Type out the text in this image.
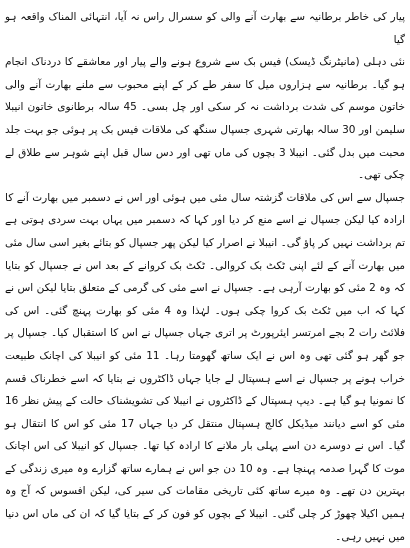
پیار کی خاطر برطانیہ سے بھارت آنے والی کو سسرال راس نہ آیا، انتہائی المناک واقعہ ہو گیا

نئی دہلی (مانیٹرنگ ڈیسک) فیس بک سے شروع ہونے والے پیار اور معاشقے کا دردناک انجام ہو گیا۔ برطانیہ سے ہزاروں میل کا سفر طے کر کے اپنے محبوب سے ملنے بھارت آنے والی خاتون موسم کی شدت برداشت نہ کر سکی اور چل بسی۔ 45 سالہ برطانوی خاتون انیبلا سلیمن اور 30 سالہ بھارتی شہری جسپال سنگھ کی ملاقات فیس بک پر ہوئی جو بہت جلد محبت میں بدل گئی۔ انیبلا 3 بچوں کی ماں تھی اور دس سال قبل اپنے شوہر سے طلاق لے چکی تھی۔

جسپال سے اس کی ملاقات گزشتہ سال مئی میں ہوئی اور اس نے دسمبر میں بھارت آنے کا ارادہ کیا لیکن جسپال نے اسے منع کر دیا اور کہا کہ دسمبر میں یہاں بہت سردی ہوتی ہے تم برداشت نہیں کر پاؤ گی۔ انیبلا نے اصرار کیا لیکن پھر جسپال کو بتائے بغیر اسی سال مئی میں بھارت آنے کے لئے اپنی ٹکٹ بک کروالی۔ ٹکٹ بک کروانے کے بعد اس نے جسپال کو بتایا کہ وہ 2 مئی کو بھارت آرہی ہے۔ جسپال نے اسے مئی کی گرمی کے متعلق بتایا لیکن اس نے کہا کہ اب میں ٹکٹ بک کروا چکی ہوں۔ لہٰذا وہ 4 مئی کو بھارت پہنچ گئی۔ اس کی فلائٹ رات 2 بجے امرتسر ایئرپورٹ پر اتری جہاں جسپال نے اس کا استقبال کیا۔ جسپال پر جو گھر ہو گئی تھی وہ اس نے ایک ساتھ گھومتا رہا۔ 11 مئی کو انیبلا کی اچانک طبیعت خراب ہونے پر جسپال نے اسے ہسپتال لے جایا جہاں ڈاکٹروں نے بتایا کہ اسے خطرناک قسم کا نمونیا ہو گیا ہے۔ دیپ ہسپتال کے ڈاکٹروں نے انیبلا کی تشویشناک حالت کے پیش نظر 16 مئی کو اسے دیانند میڈیکل کالج ہسپتال منتقل کر دیا جہاں 17 مئی کو اس کا انتقال ہو گیا۔ اس نے دوسرے دن اسے پہلی بار ملانے کا ارادہ کیا تھا۔ جسپال کو انیبلا کی اس اچانک موت کا گہرا صدمہ پہنچا ہے۔ وہ 10 دن جو اس نے ہمارے ساتھ گزارے وہ میری زندگی کے بہترین دن تھے۔ وہ میرے ساتھ کئی تاریخی مقامات کی سیر کی، لیکن افسوس کہ آج وہ ہمیں اکیلا چھوڑ کر چلی گئی۔ انیبلا کے بچوں کو فون کر کے بتایا گیا کہ ان کی ماں اس دنیا میں نہیں رہی۔
